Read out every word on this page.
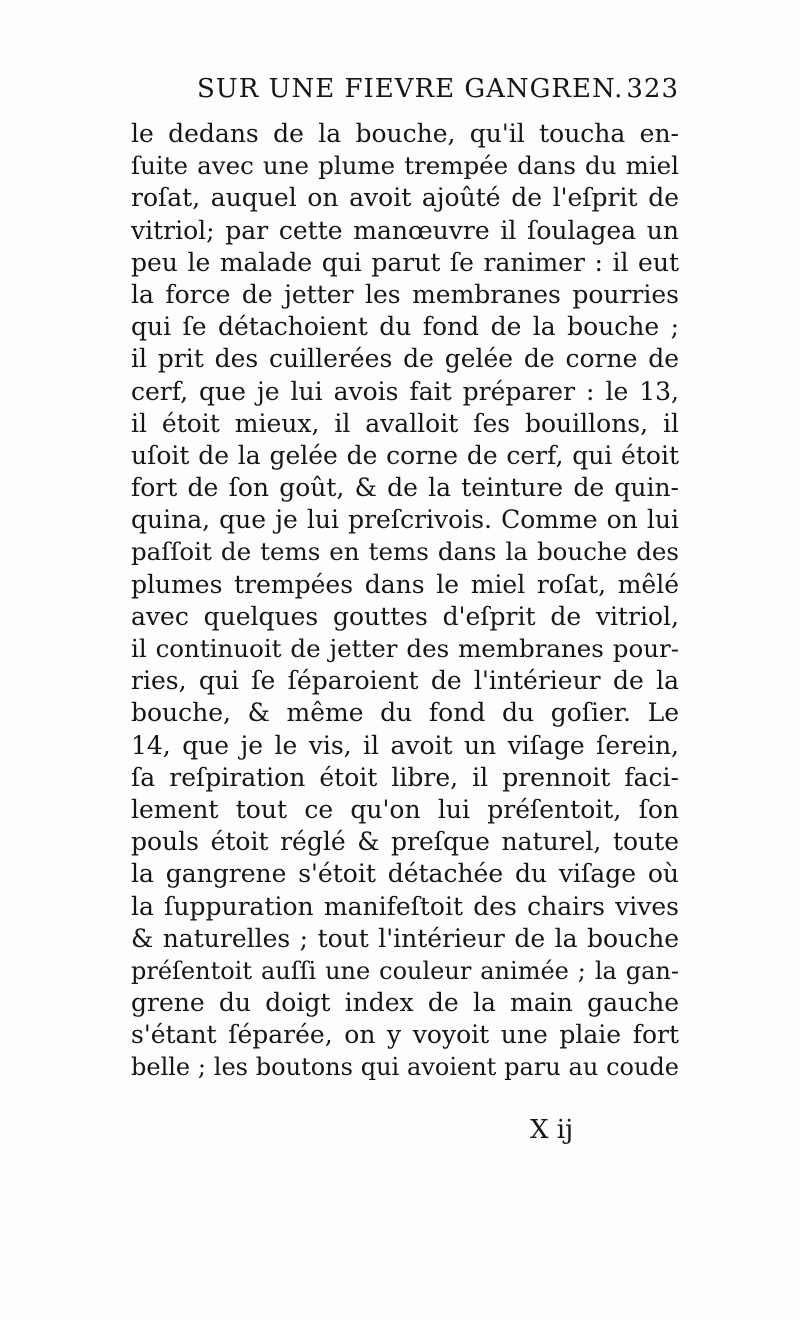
SUR UNE FIEVRE GANGREN. 323
le dedans de la bouche, qu'il toucha en-
ſuite avec une plume trempée dans du miel
roſat, auquel on avoit ajoûté de l'eſprit de
vitriol; par cette manœuvre il ſoulagea un
peu le malade qui parut ſe ranimer : il eut
la force de jetter les membranes pourries
qui ſe détachoient du fond de la bouche ;
il prit des cuillerées de gelée de corne de
cerf, que je lui avois fait préparer : le 13,
il étoit mieux, il avalloit ſes bouillons, il
uſoit de la gelée de corne de cerf, qui étoit
fort de ſon goût, & de la teinture de quin-
quina, que je lui preſcrivois. Comme on lui
paſſoit de tems en tems dans la bouche des
plumes trempées dans le miel roſat, mêlé
avec quelques gouttes d'eſprit de vitriol,
il continuoit de jetter des membranes pour-
ries, qui ſe ſéparoient de l'intérieur de la
bouche, & même du fond du goſier. Le
14, que je le vis, il avoit un viſage ſerein,
ſa reſpiration étoit libre, il prennoit faci-
lement tout ce qu'on lui préſentoit, ſon
pouls étoit réglé & preſque naturel, toute
la gangrene s'étoit détachée du viſage où
la ſuppuration manifeſtoit des chairs vives
& naturelles ; tout l'intérieur de la bouche
préſentoit auſſi une couleur animée ; la gan-
grene du doigt index de la main gauche
s'étant ſéparée, on y voyoit une plaie fort
belle ; les boutons qui avoient paru au coude
X ij
